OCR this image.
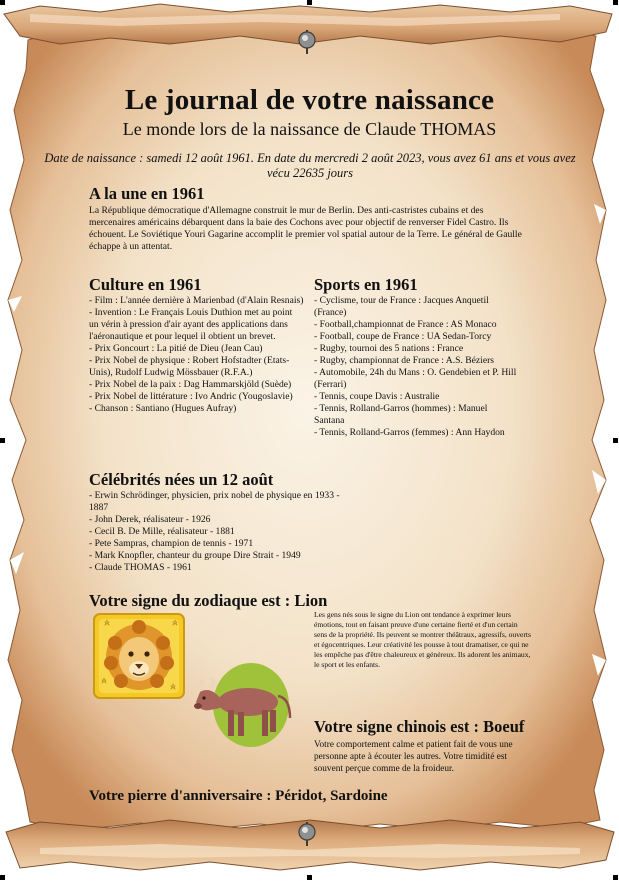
Le journal de votre naissance
Le monde lors de la naissance de Claude THOMAS
Date de naissance : samedi 12 août 1961. En date du mercredi 2 août 2023, vous avez 61 ans et vous avez vécu 22635 jours
A la une en 1961

La République démocratique d'Allemagne construit le mur de Berlin. Des anti-castristes cubains et des mercenaires américains débarquent dans la baie des Cochons avec pour objectif de renverser Fidel Castro. Ils échouent. Le Soviétique Youri Gagarine accomplit le premier vol spatial autour de la Terre. Le général de Gaulle échappe à un attentat.

Culture en 1961
- Film : L'année dernière à Marienbad (d'Alain Resnais)
- Invention : Le Français Louis Duthion met au point un vérin à pression d'air ayant des applications dans l'aéronautique et pour lequel il obtient un brevet.
- Prix Goncourt : La pitié de Dieu (Jean Cau)
- Prix Nobel de physique : Robert Hofstadter (Etats-Unis), Rudolf Ludwig Mössbauer (R.F.A.)
- Prix Nobel de la paix : Dag Hammarskjöld (Suède)
- Prix Nobel de littérature : Ivo Andric (Yougoslavie)
- Chanson : Santiano (Hugues Aufray)
Sports en 1961
- Cyclisme, tour de France : Jacques Anquetil (France)
- Football,championnat de France : AS Monaco
- Football, coupe de France : UA Sedan-Torcy
- Rugby, tournoi des 5 nations : France
- Rugby, championnat de France : A.S. Béziers
- Automobile, 24h du Mans : O. Gendebien et P. Hill (Ferrari)
- Tennis, coupe Davis : Australie
- Tennis, Rolland-Garros (hommes) : Manuel Santana
- Tennis, Rolland-Garros (femmes) : Ann Haydon
Célébrités nées un 12 août
- Erwin Schrödinger, physicien, prix nobel de physique en 1933 - 1887
- John Derek, réalisateur - 1926
- Cecil B. De Mille, réalisateur - 1881
- Pete Sampras, champion de tennis - 1971
- Mark Knopfler, chanteur du groupe Dire Strait - 1949
- Claude THOMAS - 1961
Votre signe du zodiaque est : Lion

Les gens nés sous le signe du Lion ont tendance à exprimer leurs émotions, tout en faisant preuve d'une certaine fierté et d'un certain sens de la propriété. Ils peuvent se montrer théâtraux, agressifs, ouverts et égocentriques. Leur créativité les pousse à tout dramatiser, ce qui ne les empêche pas d'être chaleureux et généreux. Ils adorent les animaux, le sport et les enfants.

Votre signe chinois est : Boeuf

Votre comportement calme et patient fait de vous une personne apte à écouter les autres. Votre timidité est souvent perçue comme de la froideur.

Votre pierre d'anniversaire : Péridot, Sardoine
